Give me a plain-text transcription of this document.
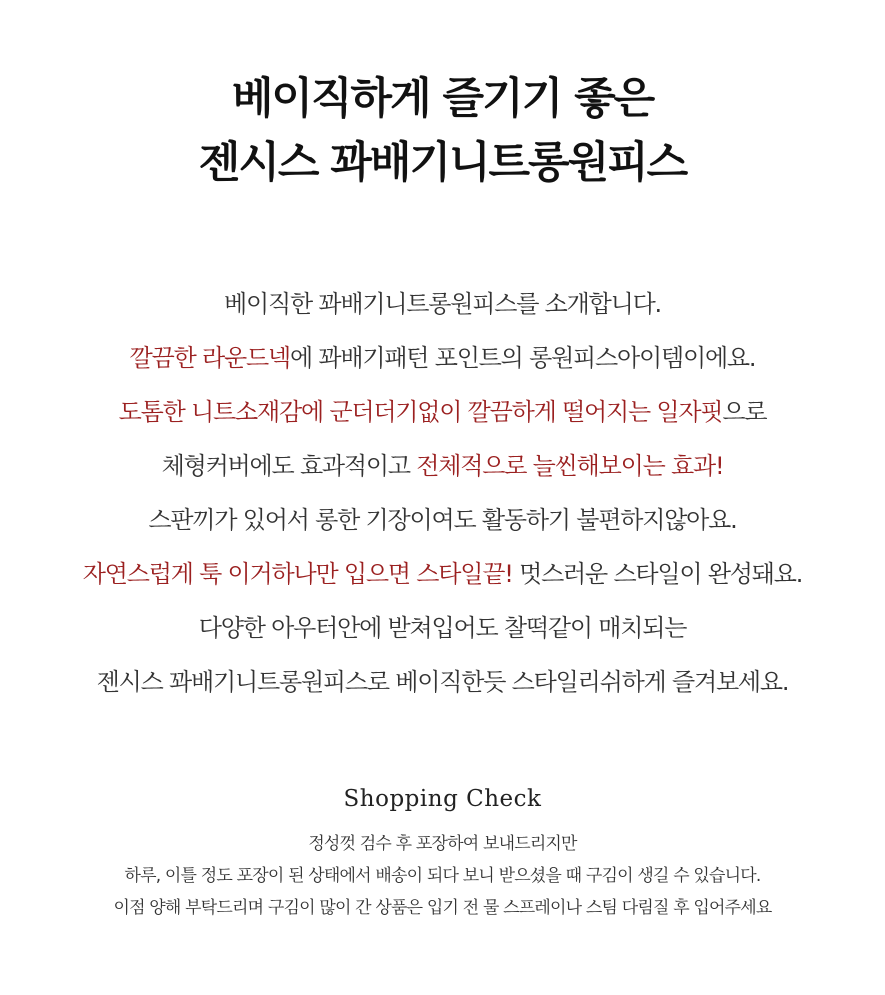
베이직하게 즐기기 좋은
젠시스 꽈배기니트롱원피스
베이직한 꽈배기니트롱원피스를 소개합니다.
깔끔한 라운드넥에 꽈배기패턴 포인트의 롱원피스아이템이에요.
도톰한 니트소재감에 군더더기없이 깔끔하게 떨어지는 일자핏으로
체형커버에도 효과적이고 전체적으로 늘씬해보이는 효과!
스판끼가 있어서 롱한 기장이여도 활동하기 불편하지않아요.
자연스럽게 툭 이거하나만 입으면 스타일끝! 멋스러운 스타일이 완성돼요.
다양한 아우터안에 받쳐입어도 찰떡같이 매치되는
젠시스 꽈배기니트롱원피스로 베이직한듯 스타일리쉬하게 즐겨보세요.
Shopping Check
정성껏 검수 후 포장하여 보내드리지만
하루, 이틀 정도 포장이 된 상태에서 배송이 되다 보니 받으셨을 때 구김이 생길 수 있습니다.
이점 양해 부탁드리며 구김이 많이 간 상품은 입기 전 물 스프레이나 스팀 다림질 후 입어주세요
